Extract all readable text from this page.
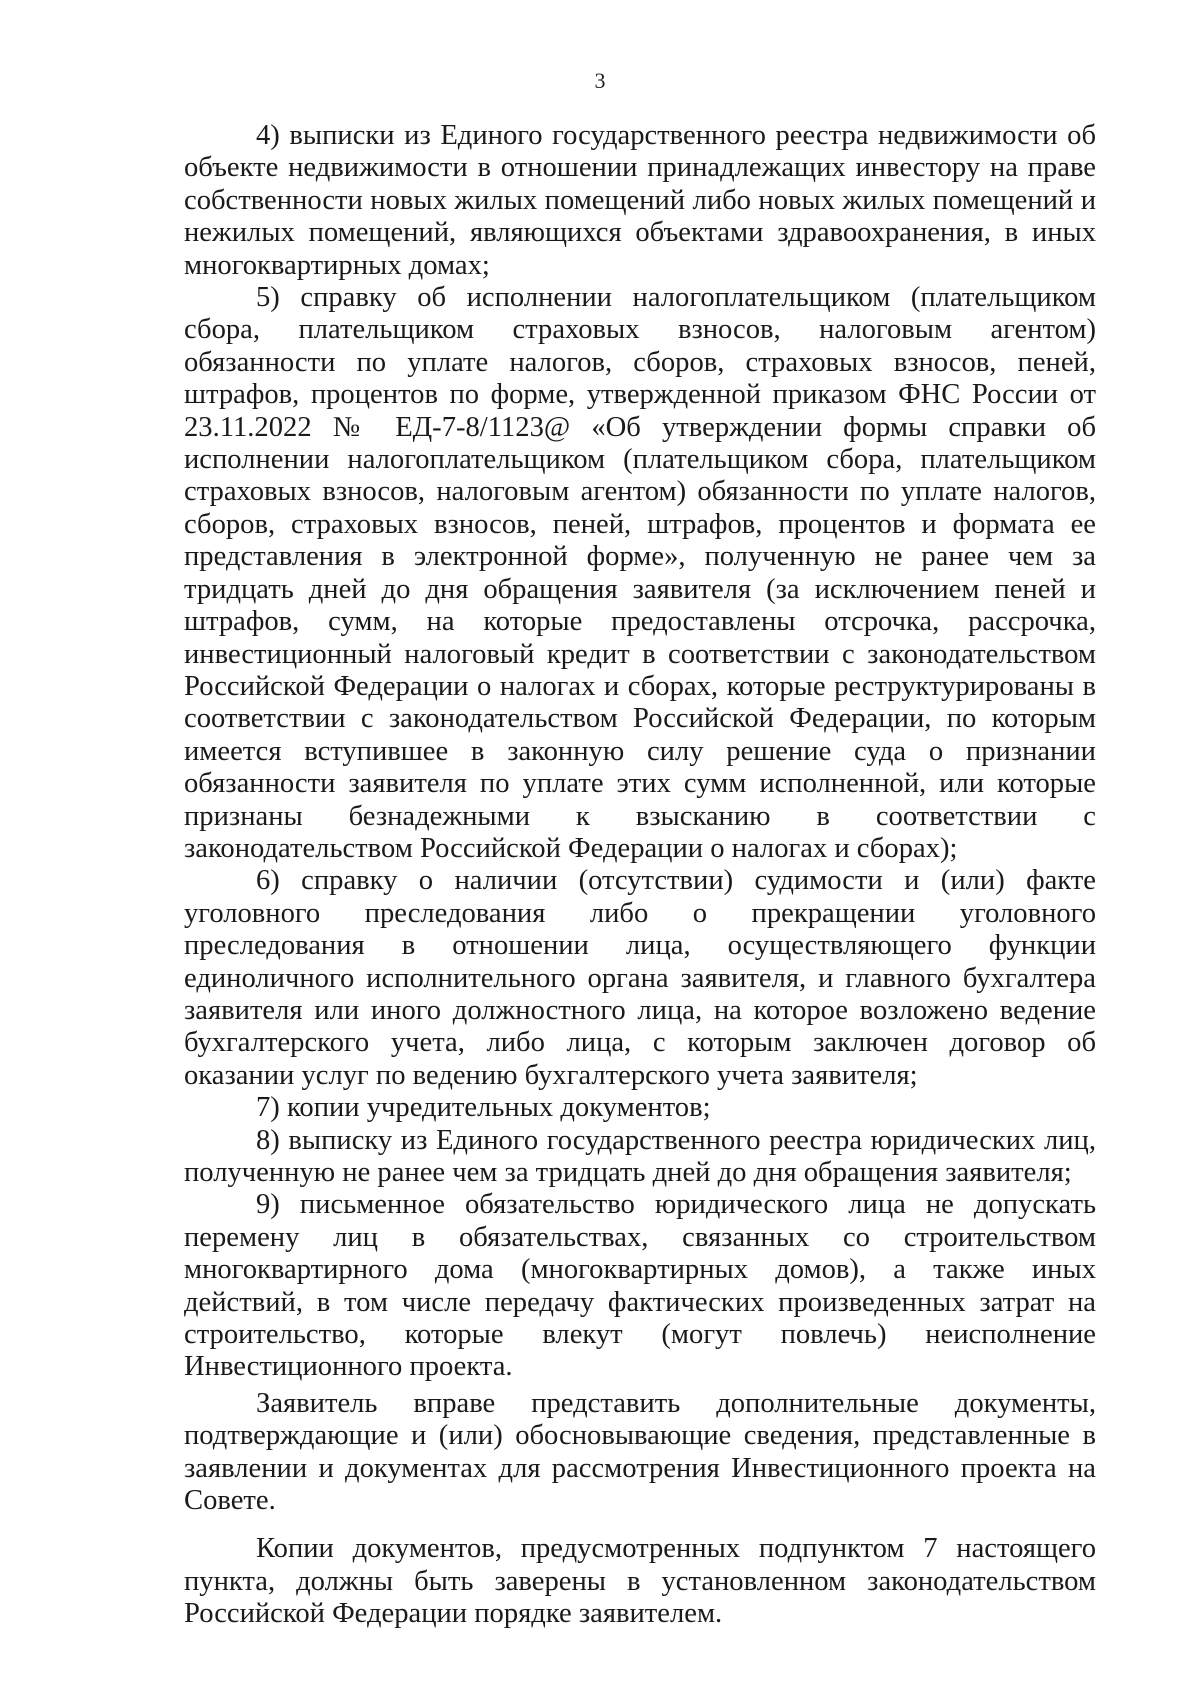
3

4) выписки из Единого государственного реестра недвижимости об объекте недвижимости в отношении принадлежащих инвестору на праве собственности новых жилых помещений либо новых жилых помещений и нежилых помещений, являющихся объектами здравоохранения, в иных многоквартирных домах;

5) справку об исполнении налогоплательщиком (плательщиком сбора, плательщиком страховых взносов, налоговым агентом) обязанности по уплате налогов, сборов, страховых взносов, пеней, штрафов, процентов по форме, утвержденной приказом ФНС России от 23.11.2022 № ЕД-7-8/1123@ «Об утверждении формы справки об исполнении налогоплательщиком (плательщиком сбора, плательщиком страховых взносов, налоговым агентом) обязанности по уплате налогов, сборов, страховых взносов, пеней, штрафов, процентов и формата ее представления в электронной форме», полученную не ранее чем за тридцать дней до дня обращения заявителя (за исключением пеней и штрафов, сумм, на которые предоставлены отсрочка, рассрочка, инвестиционный налоговый кредит в соответствии с законодательством Российской Федерации о налогах и сборах, которые реструктурированы в соответствии с законодательством Российской Федерации, по которым имеется вступившее в законную силу решение суда о признании обязанности заявителя по уплате этих сумм исполненной, или которые признаны безнадежными к взысканию в соответствии с законодательством Российской Федерации о налогах и сборах);

6) справку о наличии (отсутствии) судимости и (или) факте уголовного преследования либо о прекращении уголовного преследования в отношении лица, осуществляющего функции единоличного исполнительного органа заявителя, и главного бухгалтера заявителя или иного должностного лица, на которое возложено ведение бухгалтерского учета, либо лица, с которым заключен договор об оказании услуг по ведению бухгалтерского учета заявителя;

7) копии учредительных документов;

8) выписку из Единого государственного реестра юридических лиц, полученную не ранее чем за тридцать дней до дня обращения заявителя;

9) письменное обязательство юридического лица не допускать перемену лиц в обязательствах, связанных со строительством многоквартирного дома (многоквартирных домов), а также иных действий, в том числе передачу фактических произведенных затрат на строительство, которые влекут (могут повлечь) неисполнение Инвестиционного проекта.

Заявитель вправе представить дополнительные документы, подтверждающие и (или) обосновывающие сведения, представленные в заявлении и документах для рассмотрения Инвестиционного проекта на Совете.

Копии документов, предусмотренных подпунктом 7 настоящего пункта, должны быть заверены в установленном законодательством Российской Федерации порядке заявителем.
